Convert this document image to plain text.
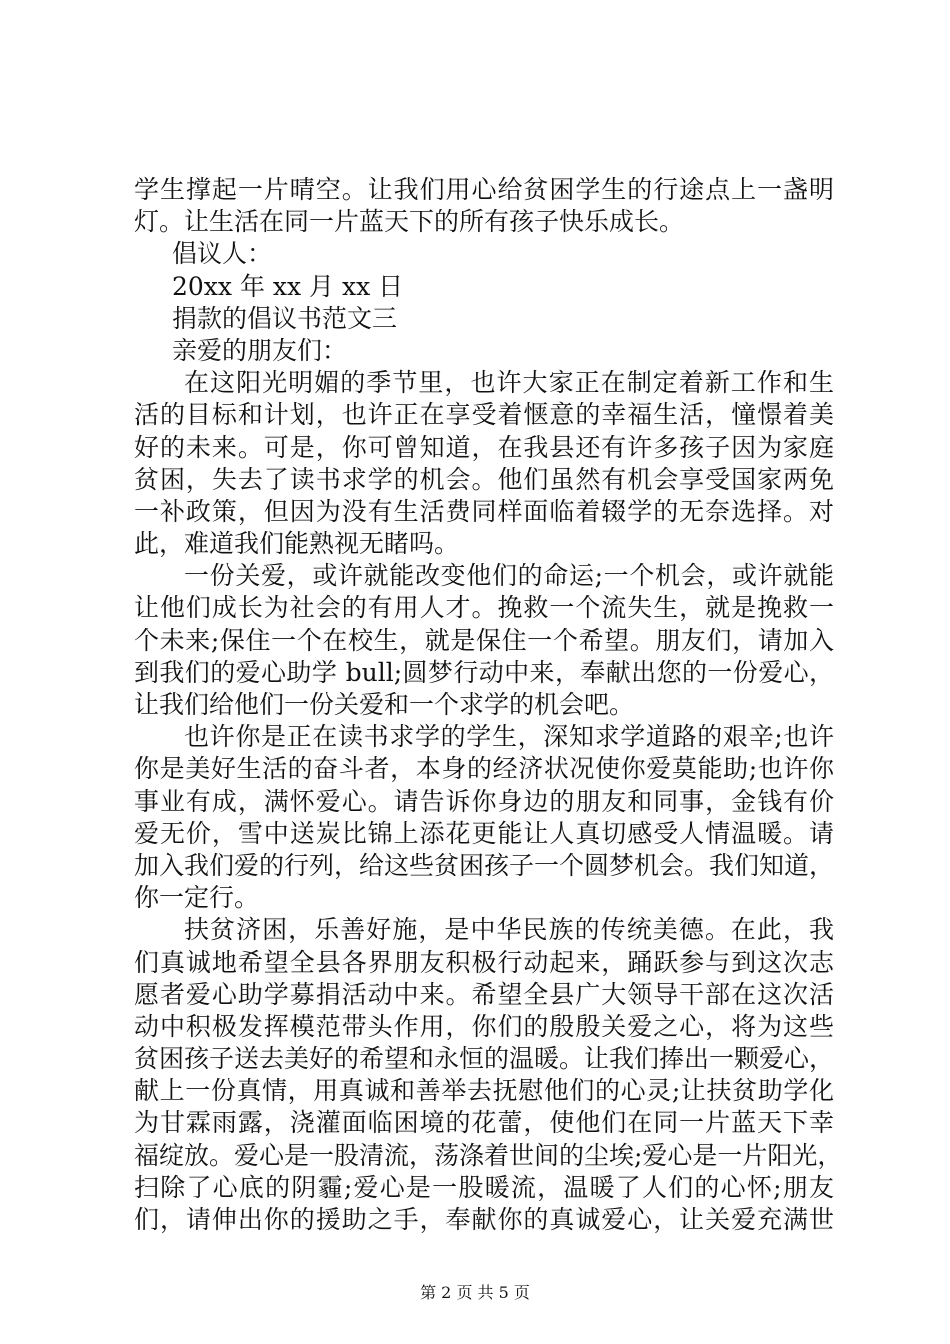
学生撑起一片晴空。让我们用心给贫困学生的行途点上一盏明
灯。让生活在同一片蓝天下的所有孩子快乐成长。
倡议人：
20xx 年 xx 月 xx 日
捐款的倡议书范文三
亲爱的朋友们：
在这阳光明媚的季节里，也许大家正在制定着新工作和生
活的目标和计划，也许正在享受着惬意的幸福生活，憧憬着美
好的未来。可是，你可曾知道，在我县还有许多孩子因为家庭
贫困，失去了读书求学的机会。他们虽然有机会享受国家两免
一补政策，但因为没有生活费同样面临着辍学的无奈选择。对
此，难道我们能熟视无睹吗。
一份关爱，或许就能改变他们的命运;一个机会，或许就能
让他们成长为社会的有用人才。挽救一个流失生，就是挽救一
个未来;保住一个在校生，就是保住一个希望。朋友们，请加入
到我们的爱心助学 bull;圆梦行动中来，奉献出您的一份爱心，
让我们给他们一份关爱和一个求学的机会吧。
也许你是正在读书求学的学生，深知求学道路的艰辛;也许
你是美好生活的奋斗者，本身的经济状况使你爱莫能助;也许你
事业有成，满怀爱心。请告诉你身边的朋友和同事，金钱有价
爱无价，雪中送炭比锦上添花更能让人真切感受人情温暖。请
加入我们爱的行列，给这些贫困孩子一个圆梦机会。我们知道，
你一定行。
扶贫济困，乐善好施，是中华民族的传统美德。在此，我
们真诚地希望全县各界朋友积极行动起来，踊跃参与到这次志
愿者爱心助学募捐活动中来。希望全县广大领导干部在这次活
动中积极发挥模范带头作用，你们的殷殷关爱之心，将为这些
贫困孩子送去美好的希望和永恒的温暖。让我们捧出一颗爱心，
献上一份真情，用真诚和善举去抚慰他们的心灵;让扶贫助学化
为甘霖雨露，浇灌面临困境的花蕾，使他们在同一片蓝天下幸
福绽放。爱心是一股清流，荡涤着世间的尘埃;爱心是一片阳光，
扫除了心底的阴霾;爱心是一股暖流，温暖了人们的心怀;朋友
们，请伸出你的援助之手，奉献你的真诚爱心，让关爱充满世
第 2 页 共 5 页
